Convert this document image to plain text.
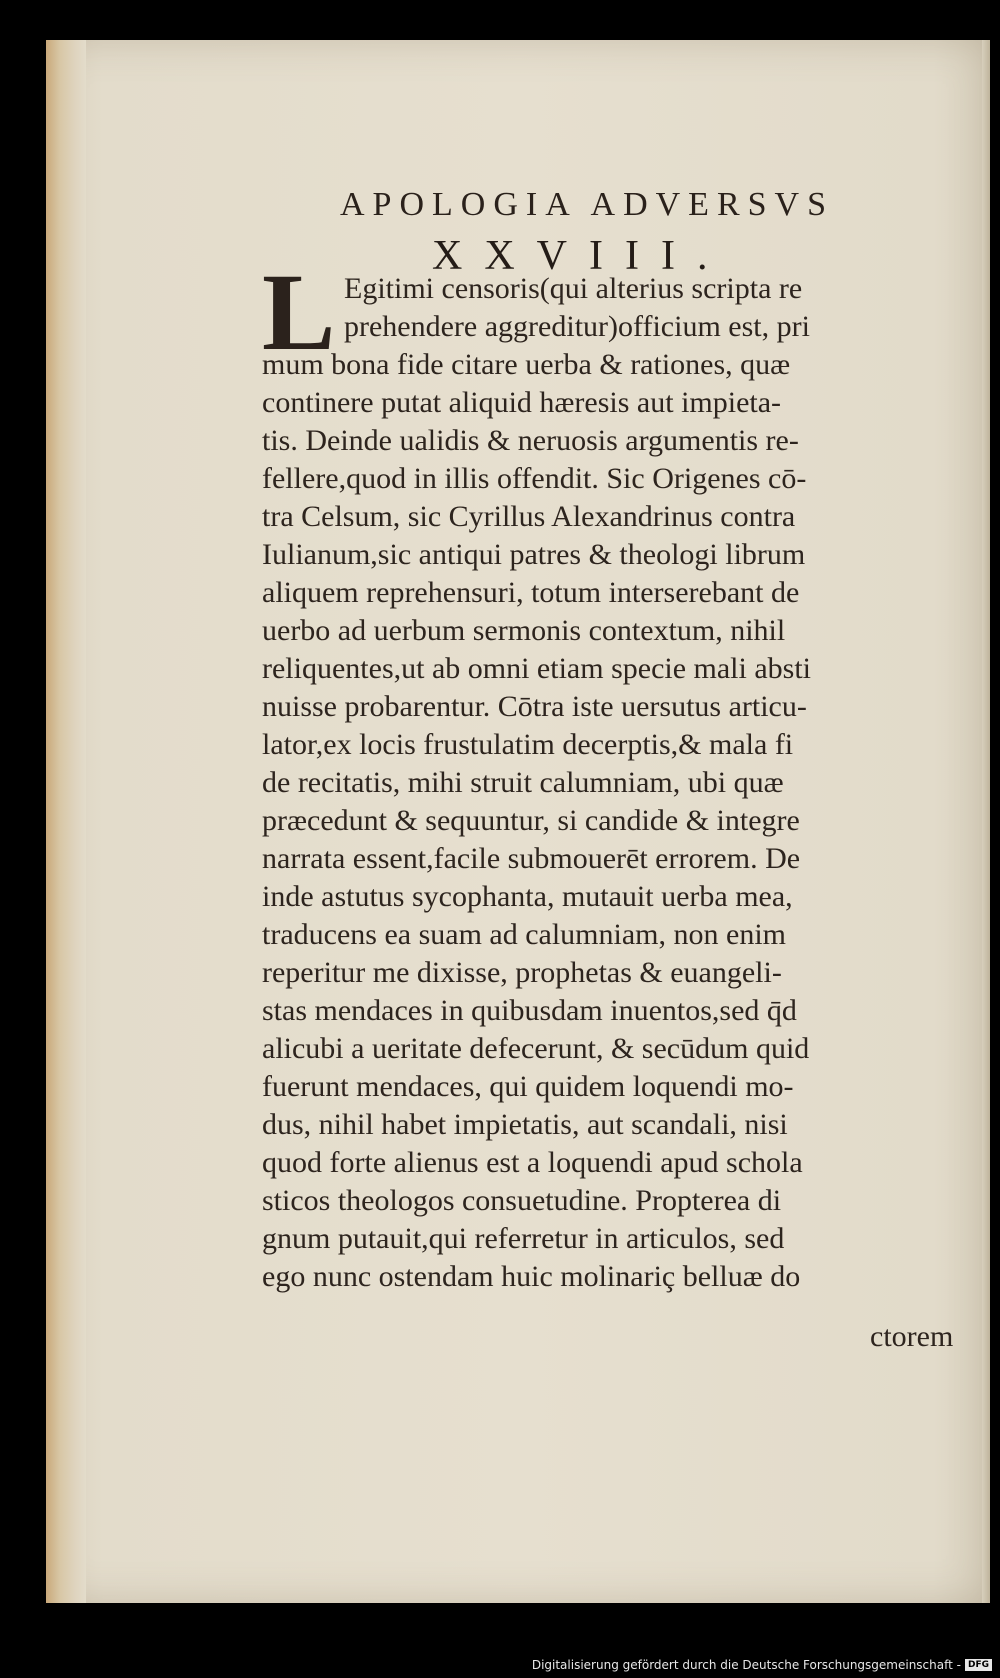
APOLOGIA ADVERSVS
XXVIII.
L Egitimi censoris(qui alterius scripta re
prehendere aggreditur)officium est, pri
mum bona fide citare uerba & rationes, quæ
continere putat aliquid hæresis aut impieta-
tis. Deinde ualidis & neruosis argumentis re-
fellere,quod in illis offendit. Sic Origenes cō-
tra Celsum, sic Cyrillus Alexandrinus contra
Iulianum,sic antiqui patres & theologi librum
aliquem reprehensuri, totum interserebant de
uerbo ad uerbum sermonis contextum, nihil
reliquentes,ut ab omni etiam specie mali absti
nuisse probarentur. Cōtra iste uersutus articu-
lator,ex locis frustulatim decerptis,& mala fi
de recitatis, mihi struit calumniam, ubi quæ
præcedunt & sequuntur, si candide & integre
narrata essent,facile submouerēt errorem. De
inde astutus sycophanta, mutauit uerba mea,
traducens ea suam ad calumniam, non enim
reperitur me dixisse, prophetas & euangeli-
stas mendaces in quibusdam inuentos,sed q̄d
alicubi a ueritate defecerunt, & secūdum quid
fuerunt mendaces, qui quidem loquendi mo-
dus, nihil habet impietatis, aut scandali, nisi
quod forte alienus est a loquendi apud schola
sticos theologos consuetudine. Propterea di
gnum putauit,qui referretur in articulos, sed
ego nunc ostendam huic molinariç belluæ do
ctorem
Digitalisierung gefördert durch die Deutsche Forschungsgemeinschaft - DFG
